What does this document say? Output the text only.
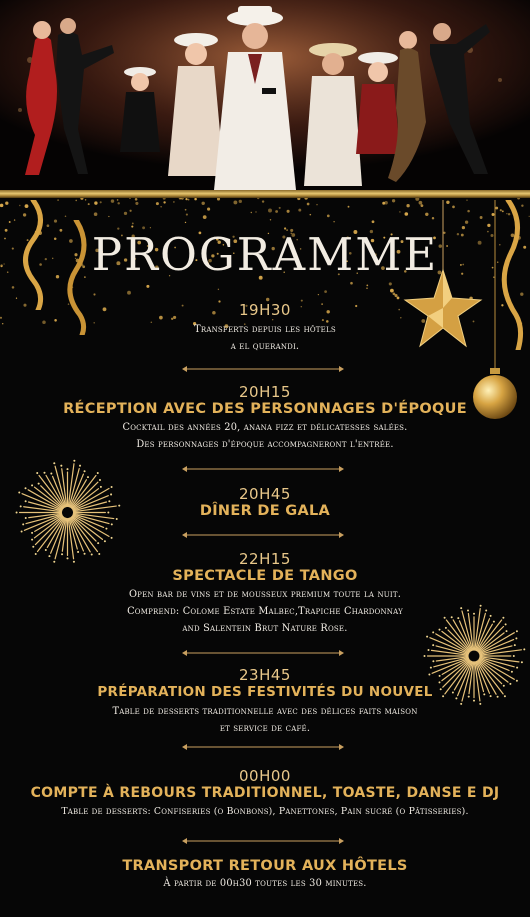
PROGRAMME
19H30
Transferts depuis les hôtels
a el querandi.
20H15
RÉCEPTION AVEC DES PERSONNAGES D'ÉPOQUE
Cocktail des années 20, anana fizz et délicatesses salées.
Des personnages d'époque accompagneront l'entrée.
20H45
DÎNER DE GALA
22H15
SPECTACLE DE TANGO
Open bar de vins et de mousseux premium toute la nuit.
Comprend: Colome Estate Malbec,Trapiche Chardonnay
and Salentein Brut Nature Rose.
23H45
PRÉPARATION DES FESTIVITÉS DU NOUVEL
Table de desserts traditionnelle avec des délices faits maison
et service de café.
00H00
COMPTE À REBOURS TRADITIONNEL, TOASTE, DANSE E DJ
Table de desserts: Confiseries (o Bonbons), Panettones, Pain sucré (o Pâtisseries).
TRANSPORT RETOUR AUX HÔTELS
À partir de 00h30 toutes les 30 minutes.
